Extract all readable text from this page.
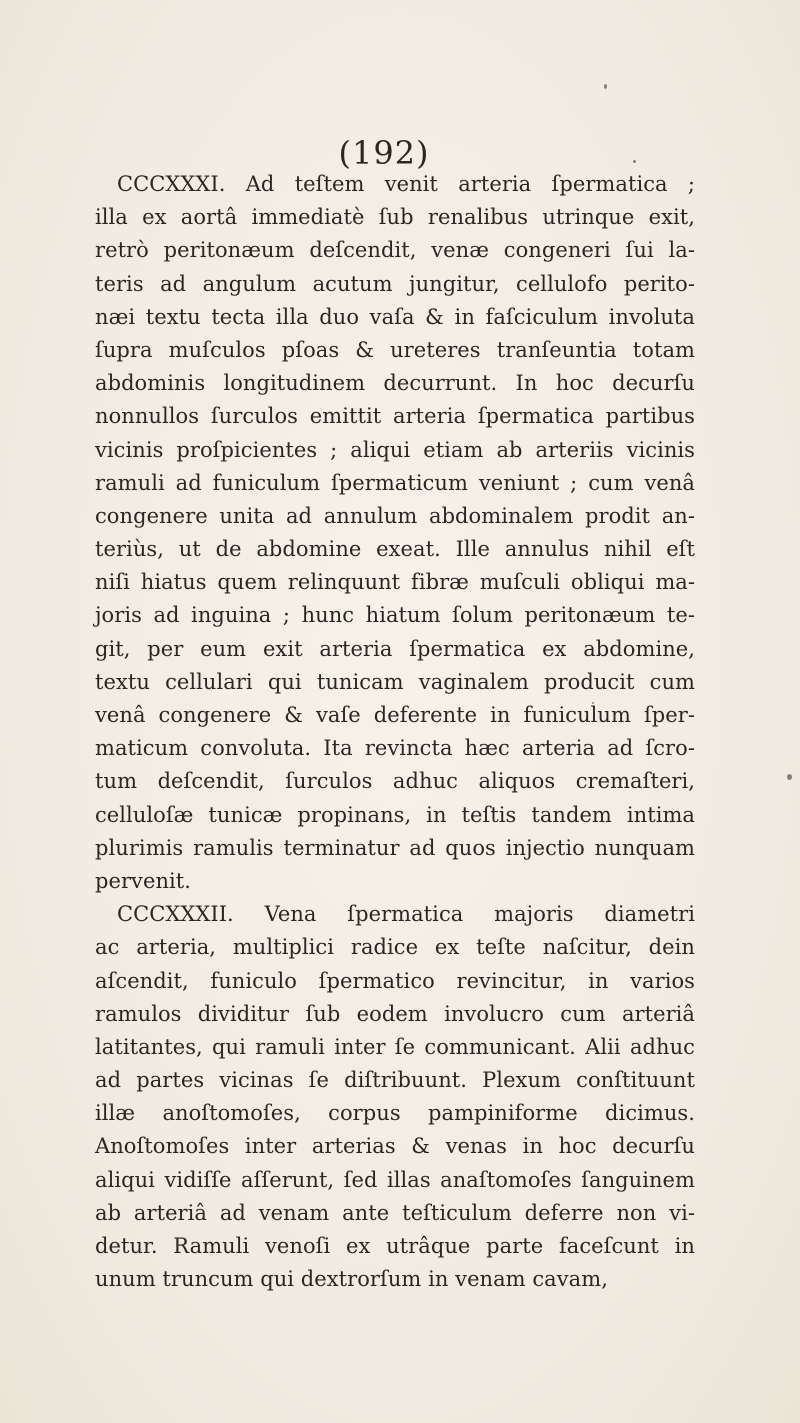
(192)
CCCXXXI. Ad teſtem venit arteria ſpermatica ;
illa ex aortâ immediatè ſub renalibus utrinque exit,
retrò peritonæum deſcendit, venæ congeneri ſui la-
teris ad angulum acutum jungitur, cellulofo perito-
næi textu tecta illa duo vaſa & in faſciculum involuta
ſupra muſculos pſoas & ureteres tranſeuntia totam
abdominis longitudinem decurrunt. In hoc decurſu
nonnullos ſurculos emittit arteria ſpermatica partibus
vicinis proſpicientes ; aliqui etiam ab arteriis vicinis
ramuli ad funiculum ſpermaticum veniunt ; cum venâ
congenere unita ad annulum abdominalem prodit an-
teriùs, ut de abdomine exeat. Ille annulus nihil eſt
niſi hiatus quem relinquunt fibræ muſculi obliqui ma-
joris ad inguina ; hunc hiatum ſolum peritonæum te-
git, per eum exit arteria ſpermatica ex abdomine,
textu cellulari qui tunicam vaginalem producit cum
venâ congenere & vaſe deferente in funiculum ſper-
maticum convoluta. Ita revincta hæc arteria ad ſcro-
tum deſcendit, ſurculos adhuc aliquos cremaſteri,
celluloſæ tunicæ propinans, in teſtis tandem intima
plurimis ramulis terminatur ad quos injectio nunquam
pervenit.
CCCXXXII. Vena ſpermatica majoris diametri
ac arteria, multiplici radice ex teſte naſcitur, dein
aſcendit, funiculo ſpermatico revincitur, in varios
ramulos dividitur ſub eodem involucro cum arteriâ
latitantes, qui ramuli inter ſe communicant. Alii adhuc
ad partes vicinas ſe diſtribuunt. Plexum conſtituunt
illæ anoſtomoſes, corpus pampiniforme dicimus.
Anoſtomoſes inter arterias & venas in hoc decurſu
aliqui vidiſſe aſſerunt, ſed illas anaſtomoſes ſanguinem
ab arteriâ ad venam ante teſticulum deferre non vi-
detur. Ramuli venoſi ex utrâque parte faceſcunt in
unum truncum qui dextrorſum in venam cavam,
